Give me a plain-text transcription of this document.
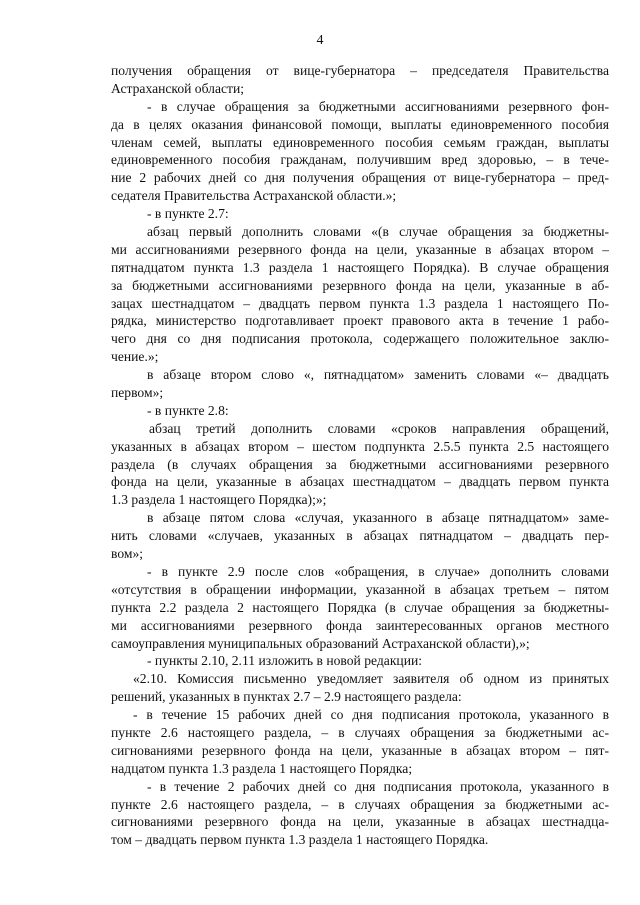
4
получения обращения от вице-губернатора – председателя Правительства
Астраханской области;
- в случае обращения за бюджетными ассигнованиями резервного фон-
да в целях оказания финансовой помощи, выплаты единовременного пособия
членам семей, выплаты единовременного пособия семьям граждан, выплаты
единовременного пособия гражданам, получившим вред здоровью, – в тече-
ние 2 рабочих дней со дня получения обращения от вице-губернатора – пред-
седателя Правительства Астраханской области.»;
- в пункте 2.7:
абзац первый дополнить словами «(в случае обращения за бюджетны-
ми ассигнованиями резервного фонда на цели, указанные в абзацах втором –
пятнадцатом пункта 1.3 раздела 1 настоящего Порядка). В случае обращения
за бюджетными ассигнованиями резервного фонда на цели, указанные в аб-
зацах шестнадцатом – двадцать первом пункта 1.3 раздела 1 настоящего По-
рядка, министерство подготавливает проект правового акта в течение 1 рабо-
чего дня со дня подписания протокола, содержащего положительное заклю-
чение.»;
в абзаце втором слово «, пятнадцатом» заменить словами «– двадцать
первом»;
- в пункте 2.8:
абзац третий дополнить словами «сроков направления обращений,
указанных в абзацах втором – шестом подпункта 2.5.5 пункта 2.5 настоящего
раздела (в случаях обращения за бюджетными ассигнованиями резервного
фонда на цели, указанные в абзацах шестнадцатом – двадцать первом пункта
1.3 раздела 1 настоящего Порядка);»;
в абзаце пятом слова «случая, указанного в абзаце пятнадцатом» заме-
нить словами «случаев, указанных в абзацах пятнадцатом – двадцать пер-
вом»;
- в пункте 2.9 после слов «обращения, в случае» дополнить словами
«отсутствия в обращении информации, указанной в абзацах третьем – пятом
пункта 2.2 раздела 2 настоящего Порядка (в случае обращения за бюджетны-
ми ассигнованиями резервного фонда заинтересованных органов местного
самоуправления муниципальных образований Астраханской области),»;
- пункты 2.10, 2.11 изложить в новой редакции:
«2.10. Комиссия письменно уведомляет заявителя об одном из принятых
решений, указанных в пунктах 2.7 – 2.9 настоящего раздела:
- в течение 15 рабочих дней со дня подписания протокола, указанного в
пункте 2.6 настоящего раздела, – в случаях обращения за бюджетными ас-
сигнованиями резервного фонда на цели, указанные в абзацах втором – пят-
надцатом пункта 1.3 раздела 1 настоящего Порядка;
- в течение 2 рабочих дней со дня подписания протокола, указанного в
пункте 2.6 настоящего раздела, – в случаях обращения за бюджетными ас-
сигнованиями резервного фонда на цели, указанные в абзацах шестнадца-
том – двадцать первом пункта 1.3 раздела 1 настоящего Порядка.
